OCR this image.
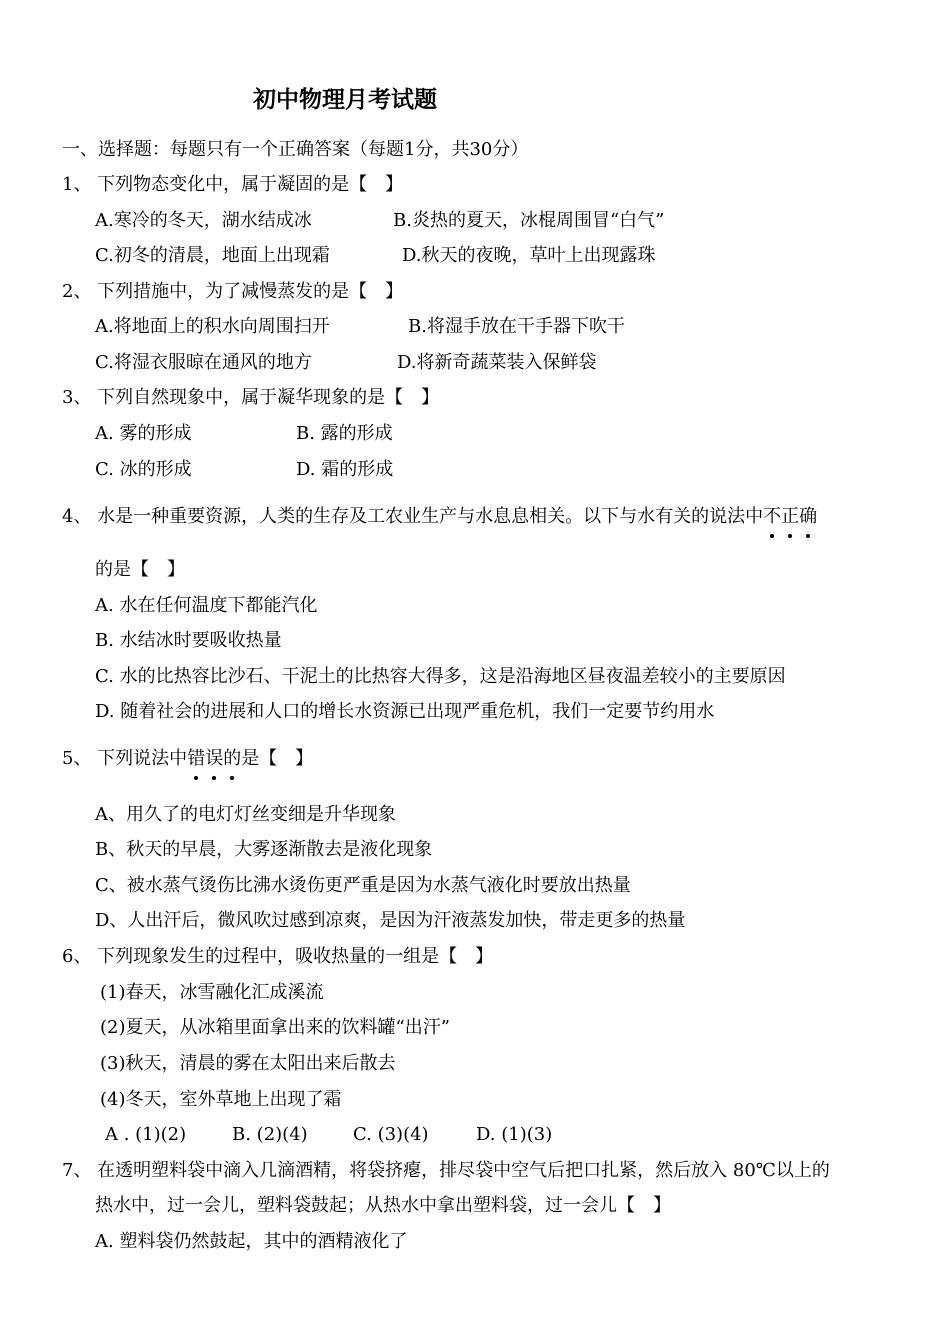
初中物理月考试题
一、选择题：每题只有一个正确答案（每题1分，共30分）
1、 下列物态变化中，属于凝固的是【　】
A.寒冷的冬天，湖水结成冰	B.炎热的夏天，冰棍周围冒“白气”
C.初冬的清晨，地面上出现霜	D.秋天的夜晚，草叶上出现露珠
2、 下列措施中，为了减慢蒸发的是【　】
A.将地面上的积水向周围扫开	B.将湿手放在干手器下吹干
C.将湿衣服晾在通风的地方	D.将新奇蔬菜装入保鲜袋
3、 下列自然现象中，属于凝华现象的是【　】
A. 雾的形成	B. 露的形成
C. 冰的形成	D. 霜的形成
4、 水是一种重要资源，人类的生存及工农业生产与水息息相关。以下与水有关的说法中不正确
的是【　】
A. 水在任何温度下都能汽化
B. 水结冰时要吸收热量
C. 水的比热容比沙石、干泥土的比热容大得多，这是沿海地区昼夜温差较小的主要原因
D. 随着社会的进展和人口的增长水资源已出现严重危机，我们一定要节约用水
5、 下列说法中错误的是【　】
A、用久了的电灯灯丝变细是升华现象
B、秋天的早晨，大雾逐渐散去是液化现象
C、被水蒸气烫伤比沸水烫伤更严重是因为水蒸气液化时要放出热量
D、人出汗后，微风吹过感到凉爽，是因为汗液蒸发加快，带走更多的热量
6、 下列现象发生的过程中，吸收热量的一组是【　】
(1)春天，冰雪融化汇成溪流
(2)夏天，从冰箱里面拿出来的饮料罐“出汗”
(3)秋天，清晨的雾在太阳出来后散去
(4)冬天，室外草地上出现了霜
A . (1)(2)	B. (2)(4)	C. (3)(4)	D. (1)(3)
7、 在透明塑料袋中滴入几滴酒精，将袋挤瘪，排尽袋中空气后把口扎紧，然后放入 80℃以上的
热水中，过一会儿，塑料袋鼓起；从热水中拿出塑料袋，过一会儿【　】
A. 塑料袋仍然鼓起，其中的酒精液化了
